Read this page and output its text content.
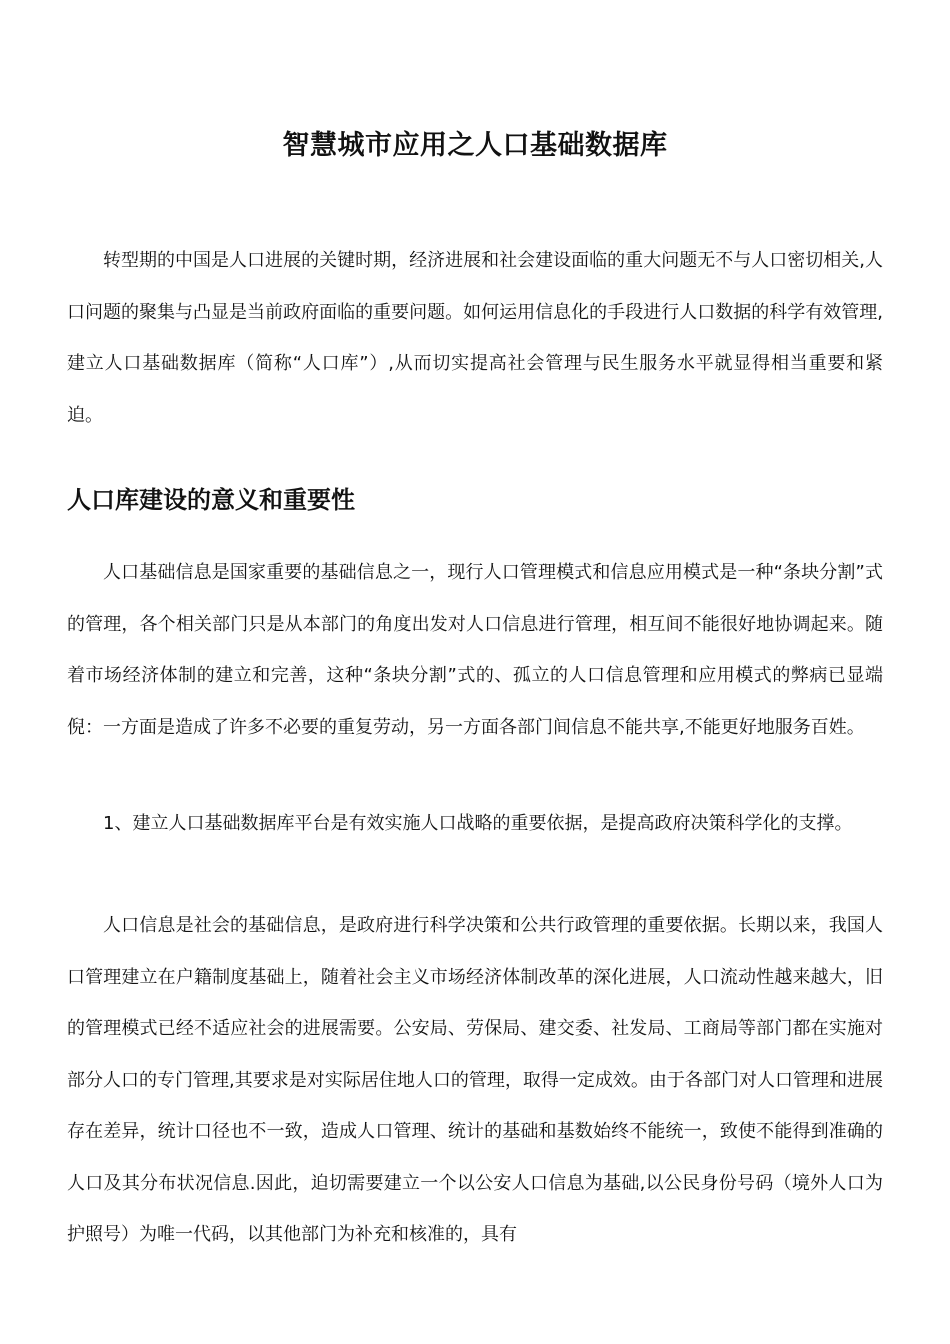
智慧城市应用之人口基础数据库

转型期的中国是人口进展的关键时期，经济进展和社会建设面临的重大问题无不与人口密切相关,人口问题的聚集与凸显是当前政府面临的重要问题。如何运用信息化的手段进行人口数据的科学有效管理,建立人口基础数据库（简称“人口库”）,从而切实提高社会管理与民生服务水平就显得相当重要和紧迫。

人口库建设的意义和重要性

人口基础信息是国家重要的基础信息之一，现行人口管理模式和信息应用模式是一种“条块分割”式的管理，各个相关部门只是从本部门的角度出发对人口信息进行管理，相互间不能很好地协调起来。随着市场经济体制的建立和完善，这种“条块分割”式的、孤立的人口信息管理和应用模式的弊病已显端倪：一方面是造成了许多不必要的重复劳动，另一方面各部门间信息不能共享,不能更好地服务百姓。

1、建立人口基础数据库平台是有效实施人口战略的重要依据，是提高政府决策科学化的支撑。

人口信息是社会的基础信息，是政府进行科学决策和公共行政管理的重要依据。长期以来，我国人口管理建立在户籍制度基础上，随着社会主义市场经济体制改革的深化进展，人口流动性越来越大，旧的管理模式已经不适应社会的进展需要。公安局、劳保局、建交委、社发局、工商局等部门都在实施对部分人口的专门管理,其要求是对实际居住地人口的管理，取得一定成效。由于各部门对人口管理和进展存在差异，统计口径也不一致，造成人口管理、统计的基础和基数始终不能统一，致使不能得到准确的人口及其分布状况信息.因此，迫切需要建立一个以公安人口信息为基础,以公民身份号码（境外人口为护照号）为唯一代码，以其他部门为补充和核准的，具有
